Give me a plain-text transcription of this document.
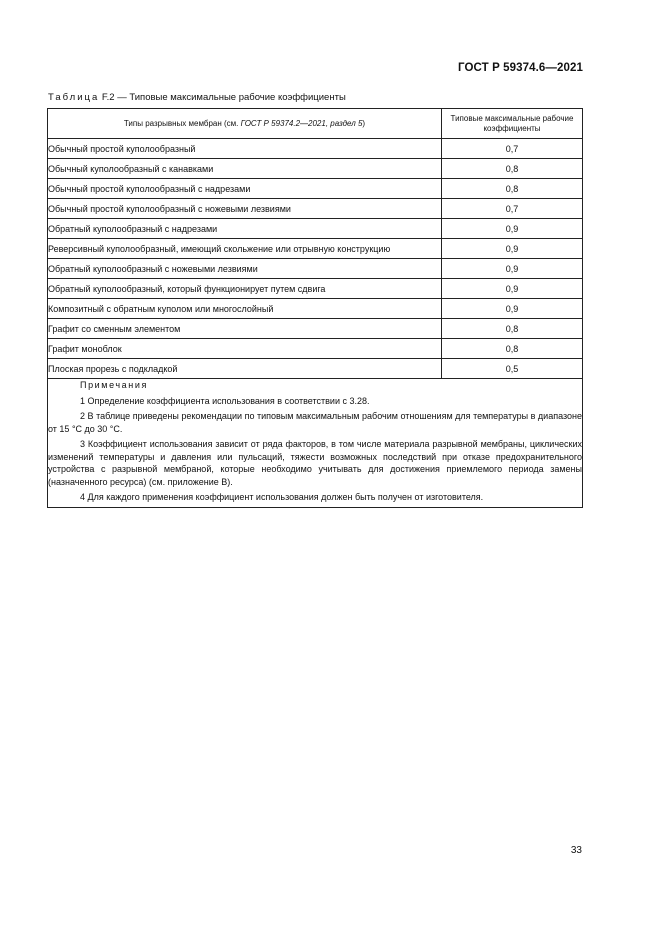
ГОСТ Р 59374.6—2021
Таблица F.2 — Типовые максимальные рабочие коэффициенты
Типы разрывных мембран (см. ГОСТ Р 59374.2—2021, раздел 5)	Типовые максимальные рабочие коэффициенты
Обычный простой куполообразный	0,7
Обычный куполообразный с канавками	0,8
Обычный простой куполообразный с надрезами	0,8
Обычный простой куполообразный с ножевыми лезвиями	0,7
Обратный куполообразный с надрезами	0,9
Реверсивный куполообразный, имеющий скольжение или отрывную конструкцию	0,9
Обратный куполообразный с ножевыми лезвиями	0,9
Обратный куполообразный, который функционирует путем сдвига	0,9
Композитный с обратным куполом или многослойный	0,9
Графит со сменным элементом	0,8
Графит моноблок	0,8
Плоская прорезь с подкладкой	0,5

Примечания
1 Определение коэффициента использования в соответствии с 3.28.
2 В таблице приведены рекомендации по типовым максимальным рабочим отношениям для температуры в диапазоне от 15 °С до 30 °С.
3 Коэффициент использования зависит от ряда факторов, в том числе материала разрывной мембраны, циклических изменений температуры и давления или пульсаций, тяжести возможных последствий при отказе предохранительного устройства с разрывной мембраной, которые необходимо учитывать для достижения приемлемого периода замены (назначенного ресурса) (см. приложение В).
4 Для каждого применения коэффициент использования должен быть получен от изготовителя.	
33
